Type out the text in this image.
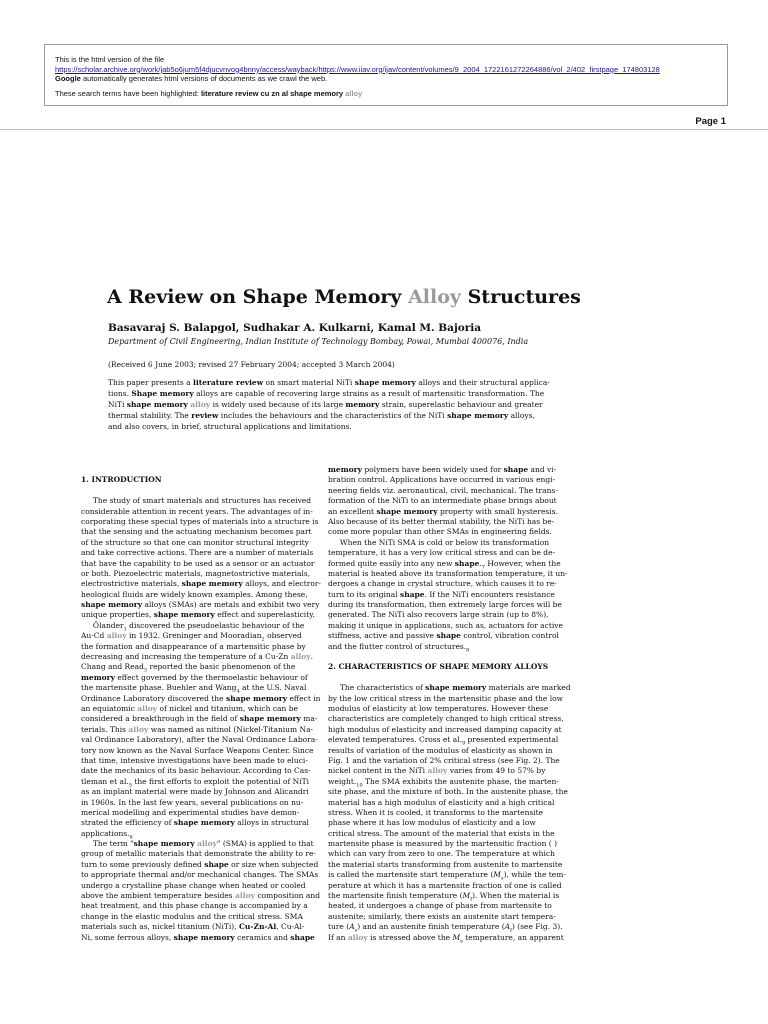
This is the html version of the file
https://scholar.archive.org/work/jab5o6jum5f4djucvnvog4bnny/access/wayback/https://www.iiav.org/ijav/content/volumes/9_2004_1722161272264886/vol_2/402_firstpage_174803128
Google automatically generates html versions of documents as we crawl the web.
These search terms have been highlighted: literature review cu zn al shape memory alloy
Page 1
A Review on Shape Memory Alloy Structures
Basavaraj S. Balapgol, Sudhakar A. Kulkarni, Kamal M. Bajoria
Department of Civil Engineering, Indian Institute of Technology Bombay, Powai, Mumbai 400076, India
(Received 6 June 2003; revised 27 February 2004; accepted 3 March 2004)
This paper presents a literature review on smart material NiTi shape memory alloys and their structural applica-
tions. Shape memory alloys are capable of recovering large strains as a result of martensitic transformation. The
NiTi shape memory alloy is widely used because of its large memory strain, superelastic behaviour and greater
thermal stability. The review includes the behaviours and the characteristics of the NiTi shape memory alloys,
and also covers, in brief, structural applications and limitations.
1. INTRODUCTION
The study of smart materials and structures has received
considerable attention in recent years. The advantages of in-
corporating these special types of materials into a structure is
that the sensing and the actuating mechanism becomes part
of the structure so that one can monitor structural integrity
and take corrective actions. There are a number of materials
that have the capability to be used as a sensor or an actuator
or both. Piezoelectric materials, magnetostrictive materials,
electrostrictive materials, shape memory alloys, and electror-
heological fluids are widely known examples. Among these,
shape memory alloys (SMAs) are metals and exhibit two very
unique properties, shape memory effect and superelasticity.
Ölander$_1$ discovered the pseudoelastic behaviour of the
Au-Cd alloy in 1932. Greninger and Mooradian$_2$ observed
the formation and disappearance of a martensitic phase by
decreasing and increasing the temperature of a Cu-Zn alloy.
Chang and Read$_3$ reported the basic phenomenon of the
memory effect governed by the thermoelastic behaviour of
the martensite phase. Buehler and Wang$_4$ at the U.S. Naval
Ordinance Laboratory discovered the shape memory effect in
an equiatomic alloy of nickel and titanium, which can be
considered a breakthrough in the field of shape memory ma-
terials. This alloy was named as nitinol (Nickel-Titanium Na-
val Ordinance Laboratory), after the Naval Ordinance Labora-
tory now known as the Naval Surface Weapons Center. Since
that time, intensive investigations have been made to eluci-
date the mechanics of its basic behaviour. According to Cas-
tleman et $al._5$ the first efforts to exploit the potential of NiTi
as an implant material were made by Johnson and Alicandri
in 1960s. In the last few years, several publications on nu-
merical modelling and experimental studies have demon-
strated the efficiency of shape memory alloys in structural
$applications._6$
The term "shape memory alloy" (SMA) is applied to that
group of metallic materials that demonstrate the ability to re-
turn to some previously defined shape or size when subjected
to appropriate thermal and/or mechanical changes. The SMAs
undergo a crystalline phase change when heated or cooled
above the ambient temperature besides alloy composition and
heat treatment, and this phase change is accompanied by a
change in the elastic modulus and the critical stress. SMA
materials such as, nickel titanium (NiTi), Cu-Zn-Al, Cu-Al-
Ni, some ferrous alloys, shape memory ceramics and shape
memory polymers have been widely used for shape and vi-
bration control. Applications have occurred in various engi-
neering fields viz. aeronautical, civil, mechanical. The trans-
formation of the NiTi to an intermediate phase brings about
an excellent shape memory property with small hysteresis.
Also because of its better thermal stability, the NiTi has be-
come more popular than other SMAs in engineering fields.
When the NiTi SMA is cold or below its transformation
temperature, it has a very low critical stress and can be de-
formed quite easily into any new $shape._7$ However, when the
material is heated above its transformation temperature, it un-
dergoes a change in crystal structure, which causes it to re-
turn to its original shape. If the NiTi encounters resistance
during its transformation, then extremely large forces will be
generated. The NiTi also recovers large strain (up to 8%),
making it unique in applications, such as, actuators for active
stiffness, active and passive shape control, vibration control
and the flutter control of $structures._8$
2. CHARACTERISTICS OF SHAPE MEMORY ALLOYS
The characteristics of shape memory materials are marked
by the low critical stress in the martensitic phase and the low
modulus of elasticity at low temperatures. However these
characteristics are completely changed to high critical stress,
high modulus of elasticity and increased damping capacity at
elevated temperatures. Cross et $al._9$ presented experimental
results of variation of the modulus of elasticity as shown in
Fig. 1 and the variation of 2% critical stress (see Fig. 2). The
nickel content in the NiTi alloy varies from 49 to 57% by
$weight._{10}$ The SMA exhibits the austenite phase, the marten-
site phase, and the mixture of both. In the austenite phase, the
material has a high modulus of elasticity and a high critical
stress. When it is cooled, it transforms to the martensite
phase where it has low modulus of elasticity and a low
critical stress. The amount of the material that exists in the
martensite phase is measured by the martensitic fraction ( )
which can vary from zero to one. The temperature at which
the material starts transforming from austenite to martensite
is called the martensite start temperature $(M_s)$, while the tem-
perature at which it has a martensite fraction of one is called
the martensite finish temperature $(M_f)$. When the material is
heated, it undergoes a change of phase from martensite to
austenite; similarly, there exists an austenite start tempera-
ture $(A_s)$ and an austenite finish temperature $(A_f)$ (see Fig. 3).
If an alloy is stressed above the $M_s$ temperature, an apparent
